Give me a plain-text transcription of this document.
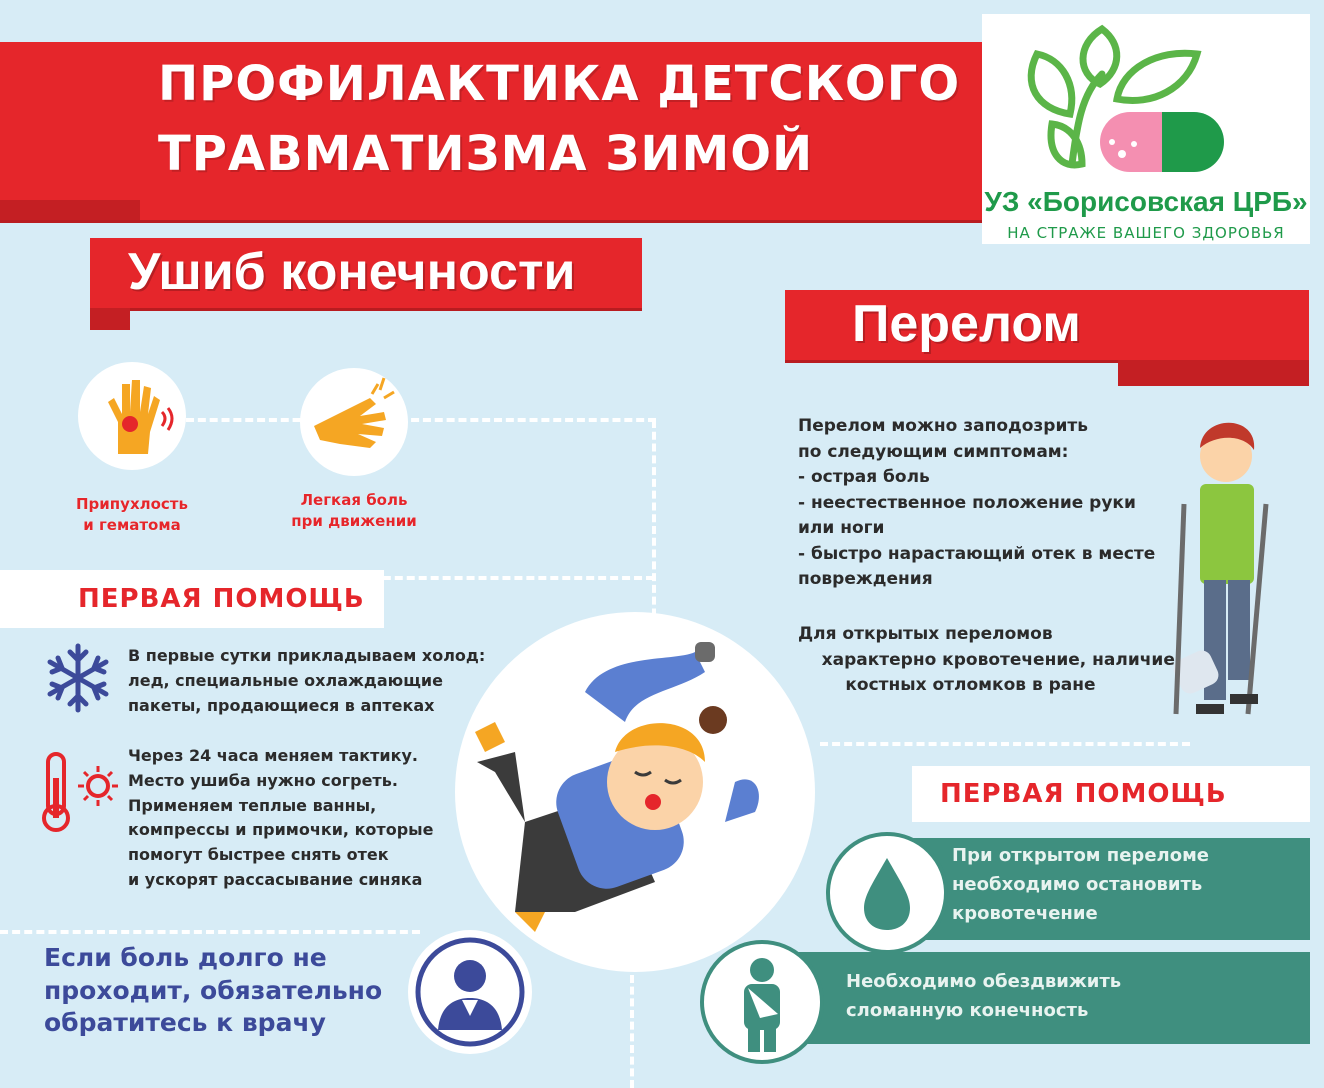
ПРОФИЛАКТИКА ДЕТСКОГО
ТРАВМАТИЗМА ЗИМОЙ
УЗ «Борисовская ЦРБ»
НА СТРАЖЕ ВАШЕГО ЗДОРОВЬЯ
Ушиб конечности
Перелом
Припухлость
и гематома
Легкая боль
при движении
ПЕРВАЯ ПОМОЩЬ
В первые сутки прикладываем холод:
лед, специальные охлаждающие
пакеты, продающиеся в аптеках
Через 24 часа меняем тактику.
Место ушиба нужно согреть.
Применяем теплые ванны,
компрессы и примочки, которые
помогут быстрее снять отек
и ускорят рассасывание синяка
Если боль долго не
проходит, обязательно
обратитесь к врачу
Перелом можно заподозрить
по следующим симптомам:
- острая боль
- неестественное положение руки
или ноги
- быстро нарастающий отек в месте
повреждения
Для открытых переломов
характерно кровотечение, наличие
костных отломков в ране
ПЕРВАЯ ПОМОЩЬ
При открытом переломе
необходимо остановить
кровотечение
Необходимо обездвижить
сломанную конечность
